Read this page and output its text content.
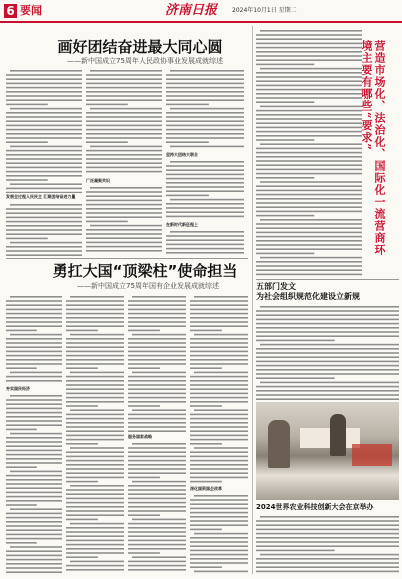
6 要闻	济南日报 2024年10月1日 星期二
画好团结奋进最大同心圆
——新中国成立75周年人民政协事业发展成就综述
发展全过程人民民主 汇聚团结奋进力量
广泛凝聚共识
坚持大团结大联合
在新时代新征程上
勇扛大国“顶梁柱”使命担当
——新中国成立75周年国有企业发展成就综述
夯实国民经济
服务国家战略
深化国资国企改革
营造市场化、法治化、国际化一流营商环境主要有哪些“要求”
五部门发文
为社会组织规范化建设立新规
2024世界农业科技创新大会在京举办
